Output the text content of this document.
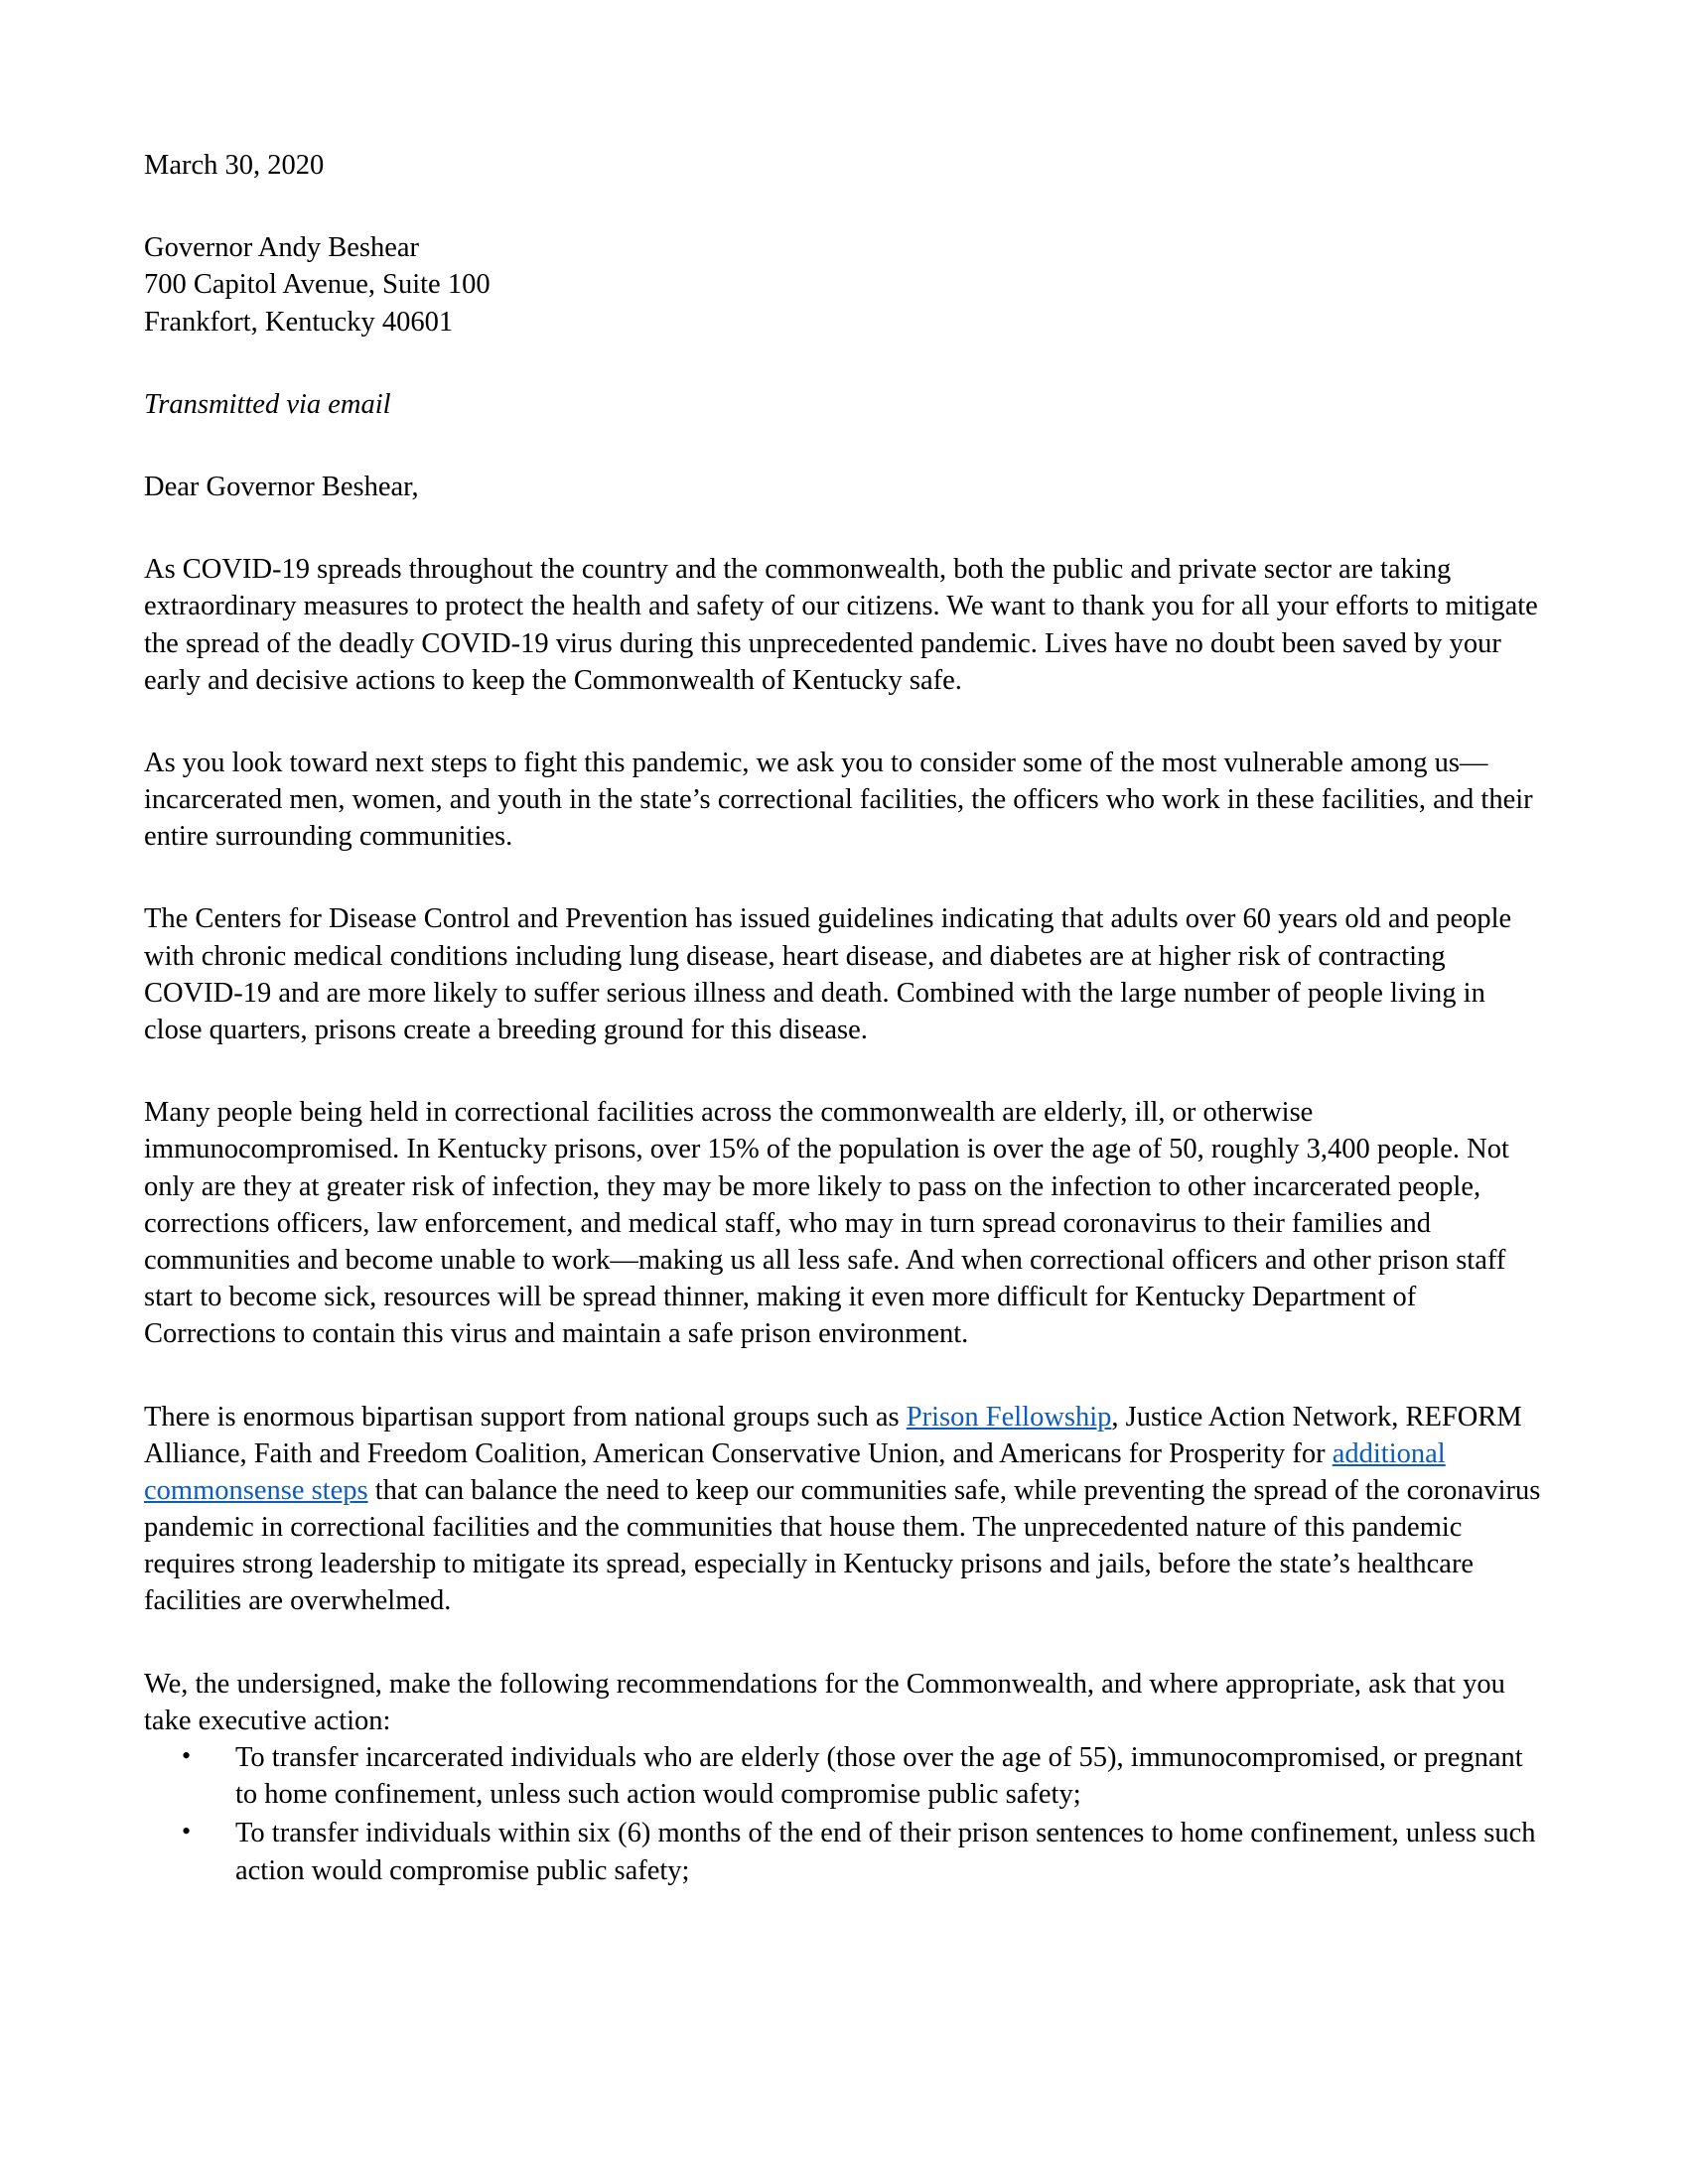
March 30, 2020

Governor Andy Beshear

700 Capitol Avenue, Suite 100

Frankfort, Kentucky 40601

Transmitted via email

Dear Governor Beshear,

As COVID-19 spreads throughout the country and the commonwealth, both the public and private sector are taking extraordinary measures to protect the health and safety of our citizens. We want to thank you for all your efforts to mitigate the spread of the deadly COVID-19 virus during this unprecedented pandemic. Lives have no doubt been saved by your early and decisive actions to keep the Commonwealth of Kentucky safe.

As you look toward next steps to fight this pandemic, we ask you to consider some of the most vulnerable among us—incarcerated men, women, and youth in the state’s correctional facilities, the officers who work in these facilities, and their entire surrounding communities.

The Centers for Disease Control and Prevention has issued guidelines indicating that adults over 60 years old and people with chronic medical conditions including lung disease, heart disease, and diabetes are at higher risk of contracting COVID-19 and are more likely to suffer serious illness and death. Combined with the large number of people living in close quarters, prisons create a breeding ground for this disease.

Many people being held in correctional facilities across the commonwealth are elderly, ill, or otherwise immunocompromised. In Kentucky prisons, over 15% of the population is over the age of 50, roughly 3,400 people. Not only are they at greater risk of infection, they may be more likely to pass on the infection to other incarcerated people, corrections officers, law enforcement, and medical staff, who may in turn spread coronavirus to their families and communities and become unable to work—making us all less safe. And when correctional officers and other prison staff start to become sick, resources will be spread thinner, making it even more difficult for Kentucky Department of Corrections to contain this virus and maintain a safe prison environment.

There is enormous bipartisan support from national groups such as Prison Fellowship, Justice Action Network, REFORM Alliance, Faith and Freedom Coalition, American Conservative Union, and Americans for Prosperity for additional commonsense steps that can balance the need to keep our communities safe, while preventing the spread of the coronavirus pandemic in correctional facilities and the communities that house them. The unprecedented nature of this pandemic requires strong leadership to mitigate its spread, especially in Kentucky prisons and jails, before the state’s healthcare facilities are overwhelmed.

We, the undersigned, make the following recommendations for the Commonwealth, and where appropriate, ask that you take executive action:

• To transfer incarcerated individuals who are elderly (those over the age of 55), immunocompromised, or pregnant to home confinement, unless such action would compromise public safety;
• To transfer individuals within six (6) months of the end of their prison sentences to home confinement, unless such action would compromise public safety;
